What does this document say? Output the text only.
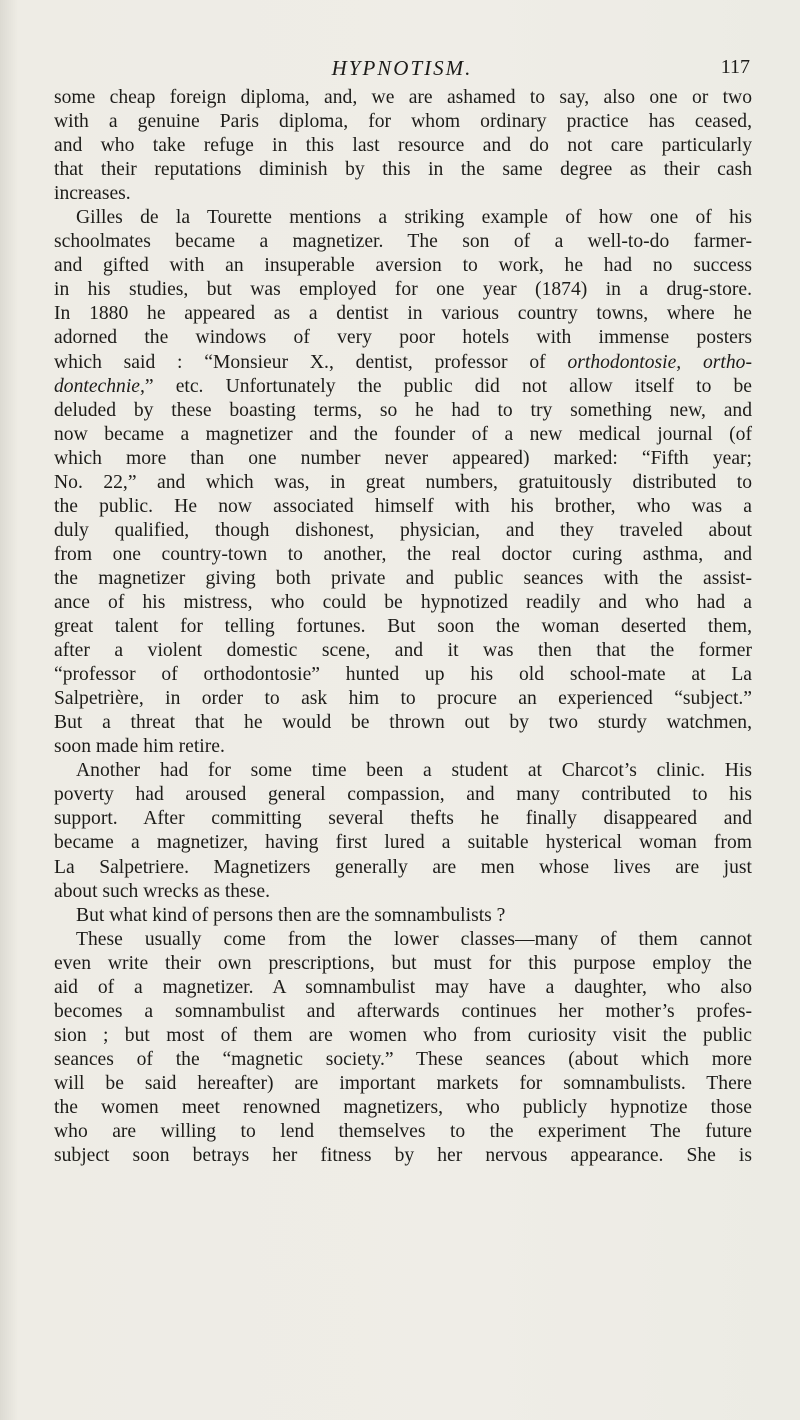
HYPNOTISM.	117

some cheap foreign diploma, and, we are ashamed to say, also one or two
with a genuine Paris diploma, for whom ordinary practice has ceased,
and who take refuge in this last resource and do not care particularly
that their reputations diminish by this in the same degree as their cash
increases.

Gilles de la Tourette mentions a striking example of how one of his
schoolmates became a magnetizer. The son of a well-to-do farmer-
and gifted with an insuperable aversion to work, he had no success
in his studies, but was employed for one year (1874) in a drug-store.
In 1880 he appeared as a dentist in various country towns, where he
adorned the windows of very poor hotels with immense posters
which said : “Monsieur X., dentist, professor of orthodontosie, ortho-
dontechnie,” etc. Unfortunately the public did not allow itself to be
deluded by these boasting terms, so he had to try something new, and
now became a magnetizer and the founder of a new medical journal (of
which more than one number never appeared) marked: “Fifth year;
No. 22,” and which was, in great numbers, gratuitously distributed to
the public. He now associated himself with his brother, who was a
duly qualified, though dishonest, physician, and they traveled about
from one country-town to another, the real doctor curing asthma, and
the magnetizer giving both private and public seances with the assist-
ance of his mistress, who could be hypnotized readily and who had a
great talent for telling fortunes. But soon the woman deserted them,
after a violent domestic scene, and it was then that the former
“professor of orthodontosie” hunted up his old school-mate at La
Salpetrière, in order to ask him to procure an experienced “subject.”
But a threat that he would be thrown out by two sturdy watchmen,
soon made him retire.

Another had for some time been a student at Charcot’s clinic. His
poverty had aroused general compassion, and many contributed to his
support. After committing several thefts he finally disappeared and
became a magnetizer, having first lured a suitable hysterical woman from
La Salpetriere. Magnetizers generally are men whose lives are just
about such wrecks as these.

But what kind of persons then are the somnambulists ?

These usually come from the lower classes—many of them cannot
even write their own prescriptions, but must for this purpose employ the
aid of a magnetizer. A somnambulist may have a daughter, who also
becomes a somnambulist and afterwards continues her mother’s profes-
sion ; but most of them are women who from curiosity visit the public
seances of the “magnetic society.” These seances (about which more
will be said hereafter) are important markets for somnambulists. There
the women meet renowned magnetizers, who publicly hypnotize those
who are willing to lend themselves to the experiment The future
subject soon betrays her fitness by her nervous appearance. She is
